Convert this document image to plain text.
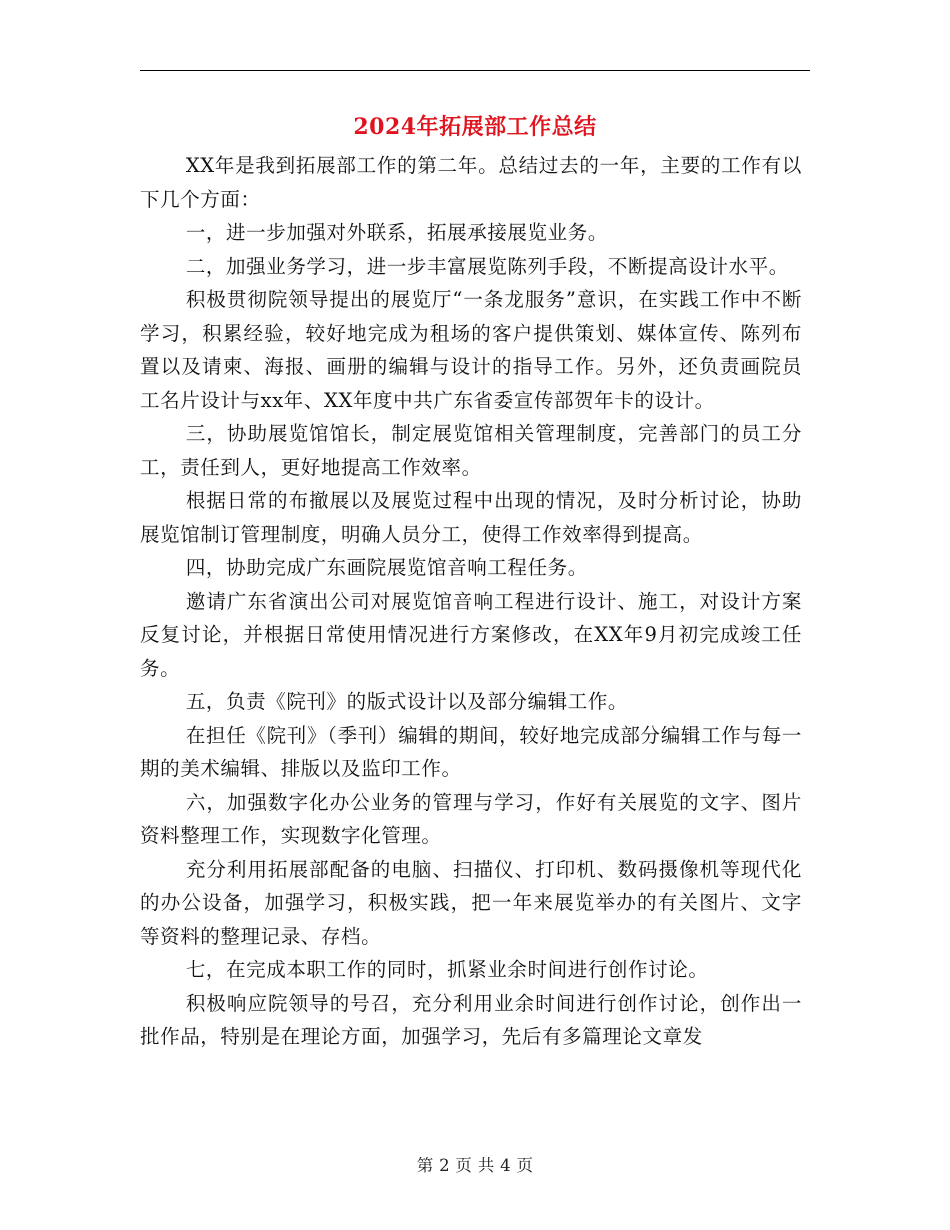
2024年拓展部工作总结

XX年是我到拓展部工作的第二年。总结过去的一年，主要的工作有以下几个方面：

一，进一步加强对外联系，拓展承接展览业务。

二，加强业务学习，进一步丰富展览陈列手段，不断提高设计水平。

积极贯彻院领导提出的展览厅“一条龙服务”意识，在实践工作中不断学习，积累经验，较好地完成为租场的客户提供策划、媒体宣传、陈列布置以及请柬、海报、画册的编辑与设计的指导工作。另外，还负责画院员工名片设计与xx年、XX年度中共广东省委宣传部贺年卡的设计。

三，协助展览馆馆长，制定展览馆相关管理制度，完善部门的员工分工，责任到人，更好地提高工作效率。

根据日常的布撤展以及展览过程中出现的情况，及时分析讨论，协助展览馆制订管理制度，明确人员分工，使得工作效率得到提高。

四，协助完成广东画院展览馆音响工程任务。

邀请广东省演出公司对展览馆音响工程进行设计、施工，对设计方案反复讨论，并根据日常使用情况进行方案修改，在XX年9月初完成竣工任务。

五，负责《院刊》的版式设计以及部分编辑工作。

在担任《院刊》（季刊）编辑的期间，较好地完成部分编辑工作与每一期的美术编辑、排版以及监印工作。

六，加强数字化办公业务的管理与学习，作好有关展览的文字、图片资料整理工作，实现数字化管理。

充分利用拓展部配备的电脑、扫描仪、打印机、数码摄像机等现代化的办公设备，加强学习，积极实践，把一年来展览举办的有关图片、文字等资料的整理记录、存档。

七，在完成本职工作的同时，抓紧业余时间进行创作讨论。

积极响应院领导的号召，充分利用业余时间进行创作讨论，创作出一批作品，特别是在理论方面，加强学习，先后有多篇理论文章发

第 2 页 共 4 页
